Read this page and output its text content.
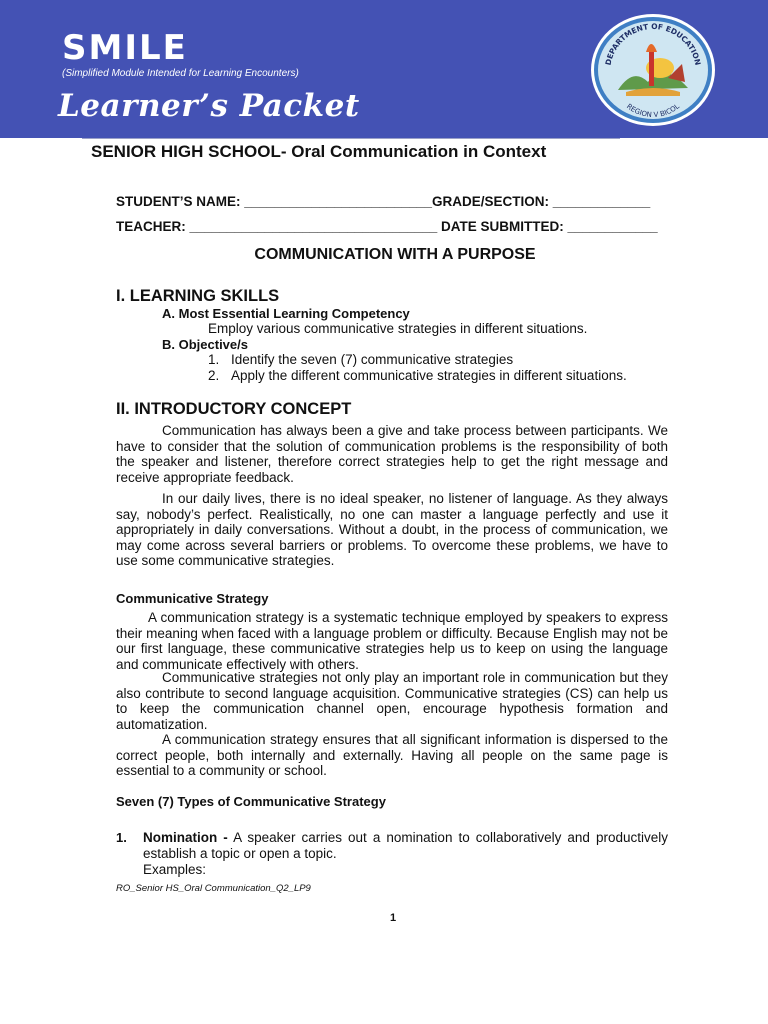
SMILE
(Simplified Module Intended for Learning Encounters)
Learner’s Packet
DEPARTMENT OF EDUCATION
REGION V BICOL
SENIOR HIGH SCHOOL- Oral Communication in Context
STUDENT’S NAME: _________________________GRADE/SECTION: _____________
TEACHER: _________________________________ DATE SUBMITTED: ____________
COMMUNICATION WITH A PURPOSE
I. LEARNING SKILLS
A. Most Essential Learning Competency
Employ various communicative strategies in different situations.
B. Objective/s
1. Identify the seven (7) communicative strategies
2. Apply the different communicative strategies in different situations.
II. INTRODUCTORY CONCEPT
Communication has always been a give and take process between participants. We have to consider that the solution of communication problems is the responsibility of both the speaker and listener, therefore correct strategies help to get the right message and receive appropriate feedback.
In our daily lives, there is no ideal speaker, no listener of language. As they always say, nobody’s perfect. Realistically, no one can master a language perfectly and use it appropriately in daily conversations. Without a doubt, in the process of communication, we may come across several barriers or problems. To overcome these problems, we have to use some communicative strategies.
Communicative Strategy
A communication strategy is a systematic technique employed by speakers to express their meaning when faced with a language problem or difficulty. Because English may not be our first language, these communicative strategies help us to keep on using the language and communicate effectively with others.
Communicative strategies not only play an important role in communication but they also contribute to second language acquisition. Communicative strategies (CS) can help us to keep the communication channel open, encourage hypothesis formation and automatization.
A communication strategy ensures that all significant information is dispersed to the correct people, both internally and externally. Having all people on the same page is essential to a community or school.
Seven (7) Types of Communicative Strategy
1. Nomination - A speaker carries out a nomination to collaboratively and productively establish a topic or open a topic.
Examples:
RO_Senior HS_Oral Communication_Q2_LP9
1
